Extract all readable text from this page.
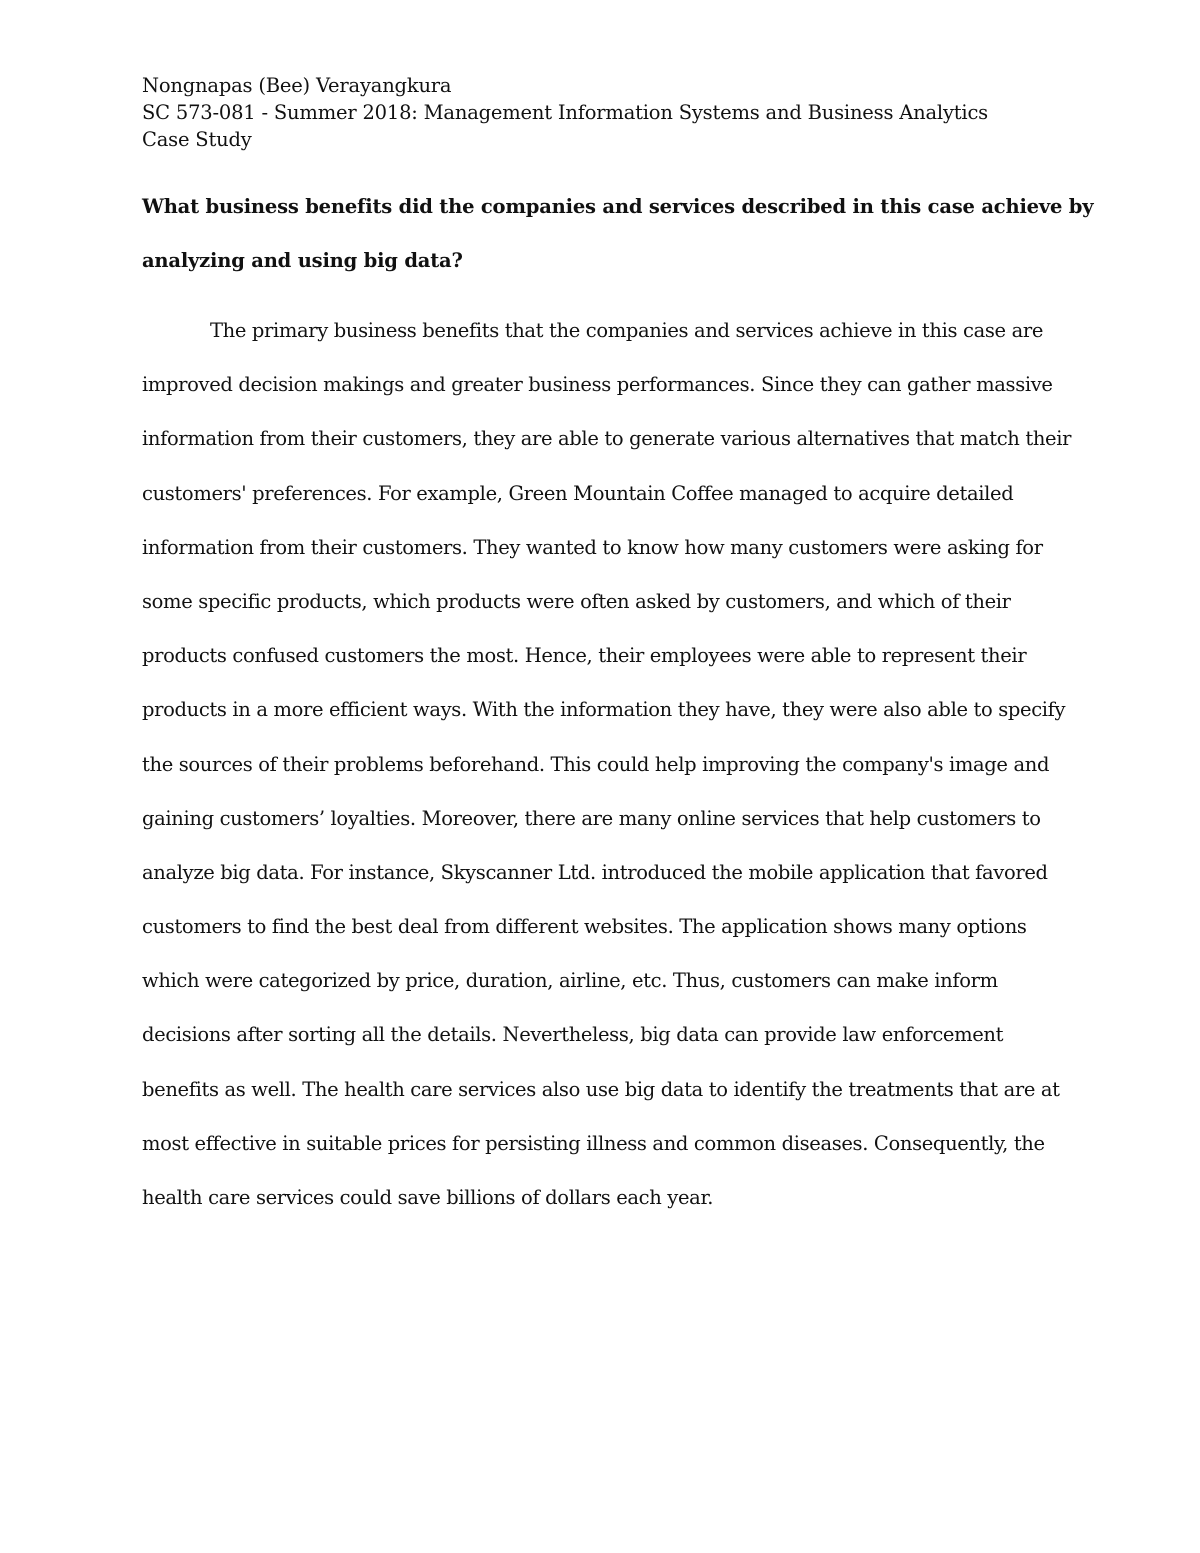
Nongnapas (Bee) Verayangkura
SC 573-081 - Summer 2018: Management Information Systems and Business Analytics
Case Study
What business benefits did the companies and services described in this case achieve by
analyzing and using big data?
The primary business benefits that the companies and services achieve in this case are
improved decision makings and greater business performances. Since they can gather massive
information from their customers, they are able to generate various alternatives that match their
customers' preferences. For example, Green Mountain Coffee managed to acquire detailed
information from their customers. They wanted to know how many customers were asking for
some specific products, which products were often asked by customers, and which of their
products confused customers the most. Hence, their employees were able to represent their
products in a more efficient ways. With the information they have, they were also able to specify
the sources of their problems beforehand. This could help improving the company's image and
gaining customers’ loyalties. Moreover, there are many online services that help customers to
analyze big data. For instance, Skyscanner Ltd. introduced the mobile application that favored
customers to find the best deal from different websites. The application shows many options
which were categorized by price, duration, airline, etc. Thus, customers can make inform
decisions after sorting all the details. Nevertheless, big data can provide law enforcement
benefits as well. The health care services also use big data to identify the treatments that are at
most effective in suitable prices for persisting illness and common diseases. Consequently, the
health care services could save billions of dollars each year.
